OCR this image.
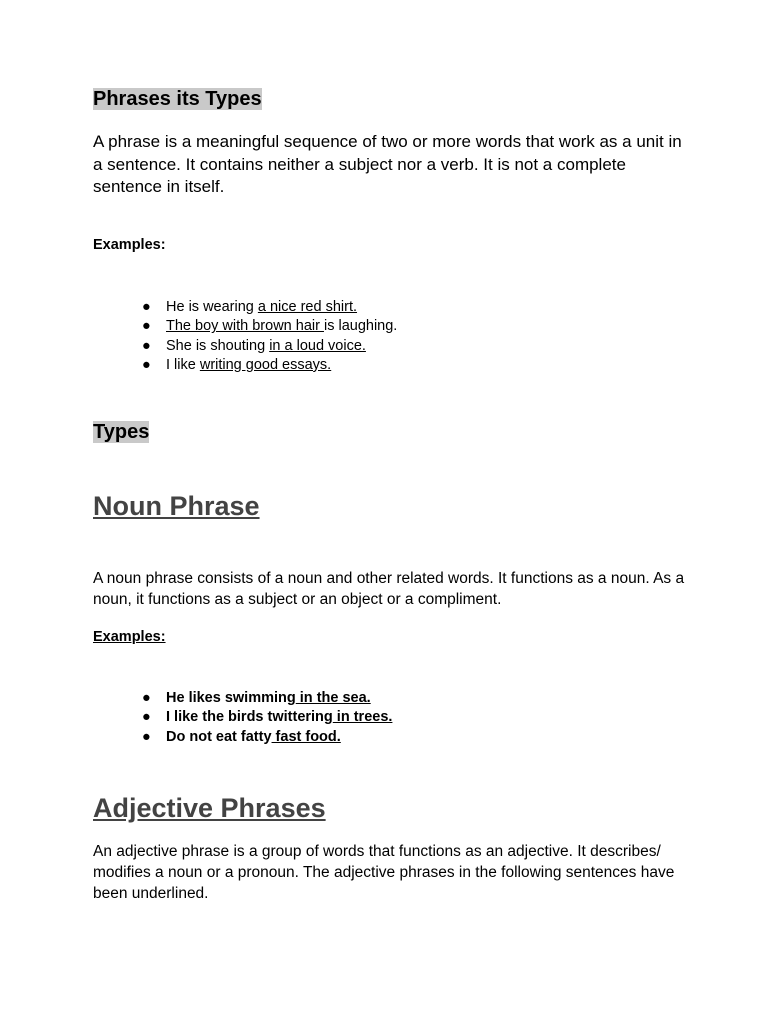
Phrases its Types

A phrase is a meaningful sequence of two or more words that work as a unit in a sentence. It contains neither a subject nor a verb. It is not a complete sentence in itself.

Examples:

● He is wearing a nice red shirt.
● The boy with brown hair is laughing.
● She is shouting in a loud voice.
● I like writing good essays.
Types
Noun Phrase

A noun phrase consists of a noun and other related words. It functions as a noun. As a noun, it functions as a subject or an object or a compliment.

Examples:

● He likes swimming in the sea.
● I like the birds twittering in trees.
● Do not eat fatty fast food.
Adjective Phrases

An adjective phrase is a group of words that functions as an adjective. It describes/ modifies a noun or a pronoun. The adjective phrases in the following sentences have been underlined.
